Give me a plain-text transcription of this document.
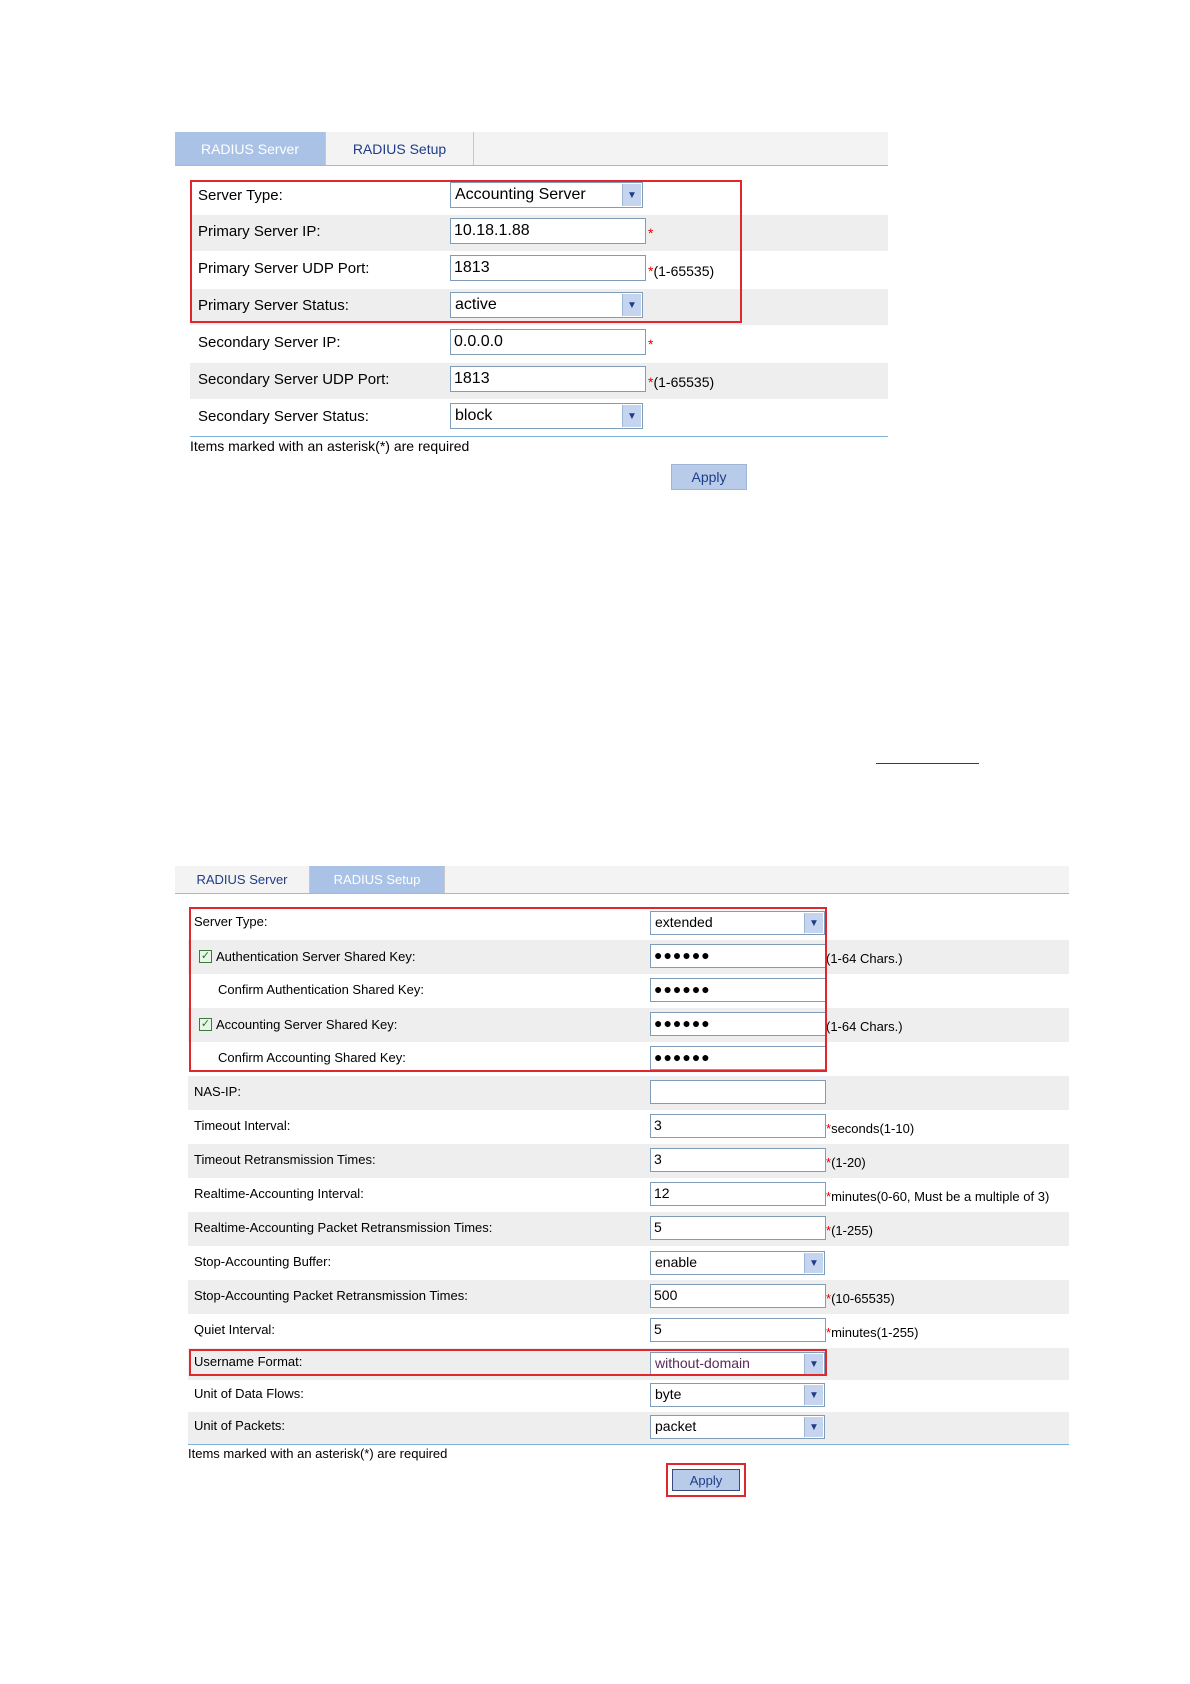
RADIUS Server	RADIUS Setup
Server Type:	Accounting Server	▼
Primary Server IP:	10.18.1.88	*
Primary Server UDP Port:	1813	*(1-65535)
Primary Server Status:	active	▼
Secondary Server IP:	0.0.0.0	*
Secondary Server UDP Port:	1813	*(1-65535)
Secondary Server Status:	block	▼
Items marked with an asterisk(*) are required
Apply
RADIUS Server	RADIUS Setup
Server Type:	extended	▼
✓ Authentication Server Shared Key:	●●●●●●	(1-64 Chars.)
Confirm Authentication Shared Key:	●●●●●●
✓ Accounting Server Shared Key:	●●●●●●	(1-64 Chars.)
Confirm Accounting Shared Key:	●●●●●●
NAS-IP:
Timeout Interval:	3	*seconds(1-10)
Timeout Retransmission Times:	3	*(1-20)
Realtime-Accounting Interval:	12	*minutes(0-60, Must be a multiple of 3)
Realtime-Accounting Packet Retransmission Times:	5	*(1-255)
Stop-Accounting Buffer:	enable	▼
Stop-Accounting Packet Retransmission Times:	500	*(10-65535)
Quiet Interval:	5	*minutes(1-255)
Username Format:	without-domain	▼
Unit of Data Flows:	byte	▼
Unit of Packets:	packet	▼
Items marked with an asterisk(*) are required
Apply
